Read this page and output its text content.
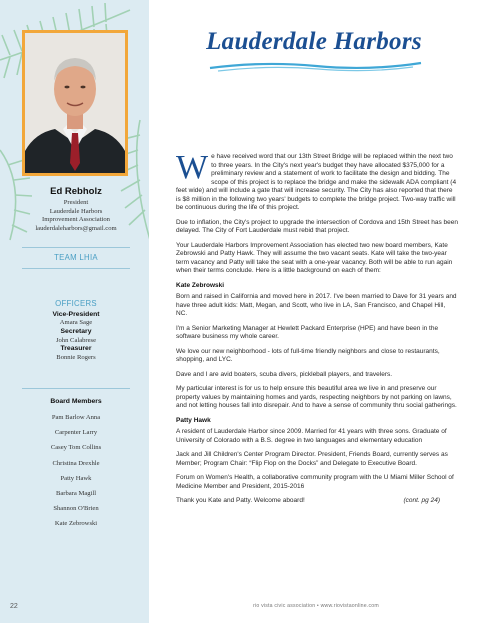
Ed Rebholz
President
Lauderdale Harbors
Improvement Association
lauderdaleharbors@gmail.com
TEAM LHIA
OFFICERS
Vice-President
Amara Sage
Secretary
John Calabrese
Treasurer
Bonnie Rogers
Board Members
Pam Barlow Anna
Carpenter Larry
Casey Tom Collins
Christina Drexhle
Patty Hawk
Barbara Magill
Shannon O'Brien
Kate Zebrowski
22
Lauderdale Harbors

We have received word that our 13th Street Bridge will be replaced within the next two to three years. In the City's next year's budget they have allocated $375,000 for a preliminary review and a statement of work to facilitate the design and bidding. The scope of this project is to replace the bridge and make the sidewalk ADA compliant (4 feet wide) and will include a gate that will increase security. The City has also reported that there is $8 million in the following two years' budgets to complete the bridge project. Two-way traffic will be continuous during the life of this project.

Due to inflation, the City's project to upgrade the intersection of Cordova and 15th Street has been delayed. The City of Fort Lauderdale must rebid that project.

Your Lauderdale Harbors Improvement Association has elected two new board members, Kate Zebrowski and Patty Hawk. They will assume the two vacant seats. Kate will take the two-year term vacancy and Patty will take the seat with a one-year vacancy. Both will be able to run again when their terms conclude. Here is a little background on each of them:

Kate Zebrowski

Born and raised in California and moved here in 2017. I've been married to Dave for 31 years and have three adult kids: Matt, Megan, and Scott, who live in LA, San Francisco, and Chapel Hill, NC.

I'm a Senior Marketing Manager at Hewlett Packard Enterprise (HPE) and have been in the software business my whole career.

We love our new neighborhood - lots of full-time friendly neighbors and close to restaurants, shopping, and LYC.

Dave and I are avid boaters, scuba divers, pickleball players, and travelers.

My particular interest is for us to help ensure this beautiful area we live in and preserve our property values by maintaining homes and yards, respecting neighbors by not parking on lawns, and not letting houses fall into disrepair. And to have a sense of community thru social gatherings.

Patty Hawk

A resident of Lauderdale Harbor since 2009. Married for 41 years with three sons. Graduate of University of Colorado with a B.S. degree in two languages and elementary education

Jack and Jill Children's Center Program Director. President, Friends Board, currently serves as Member; Program Chair: “Flip Flop on the Docks” and Delegate to Executive Board.

Forum on Women's Health, a collaborative community program with the U Miami Miller School of Medicine Member and President, 2015-2016

Thank you Kate and Patty. Welcome aboard!	(cont. pg 24)

rio vista civic association • www.riovistaonline.com
